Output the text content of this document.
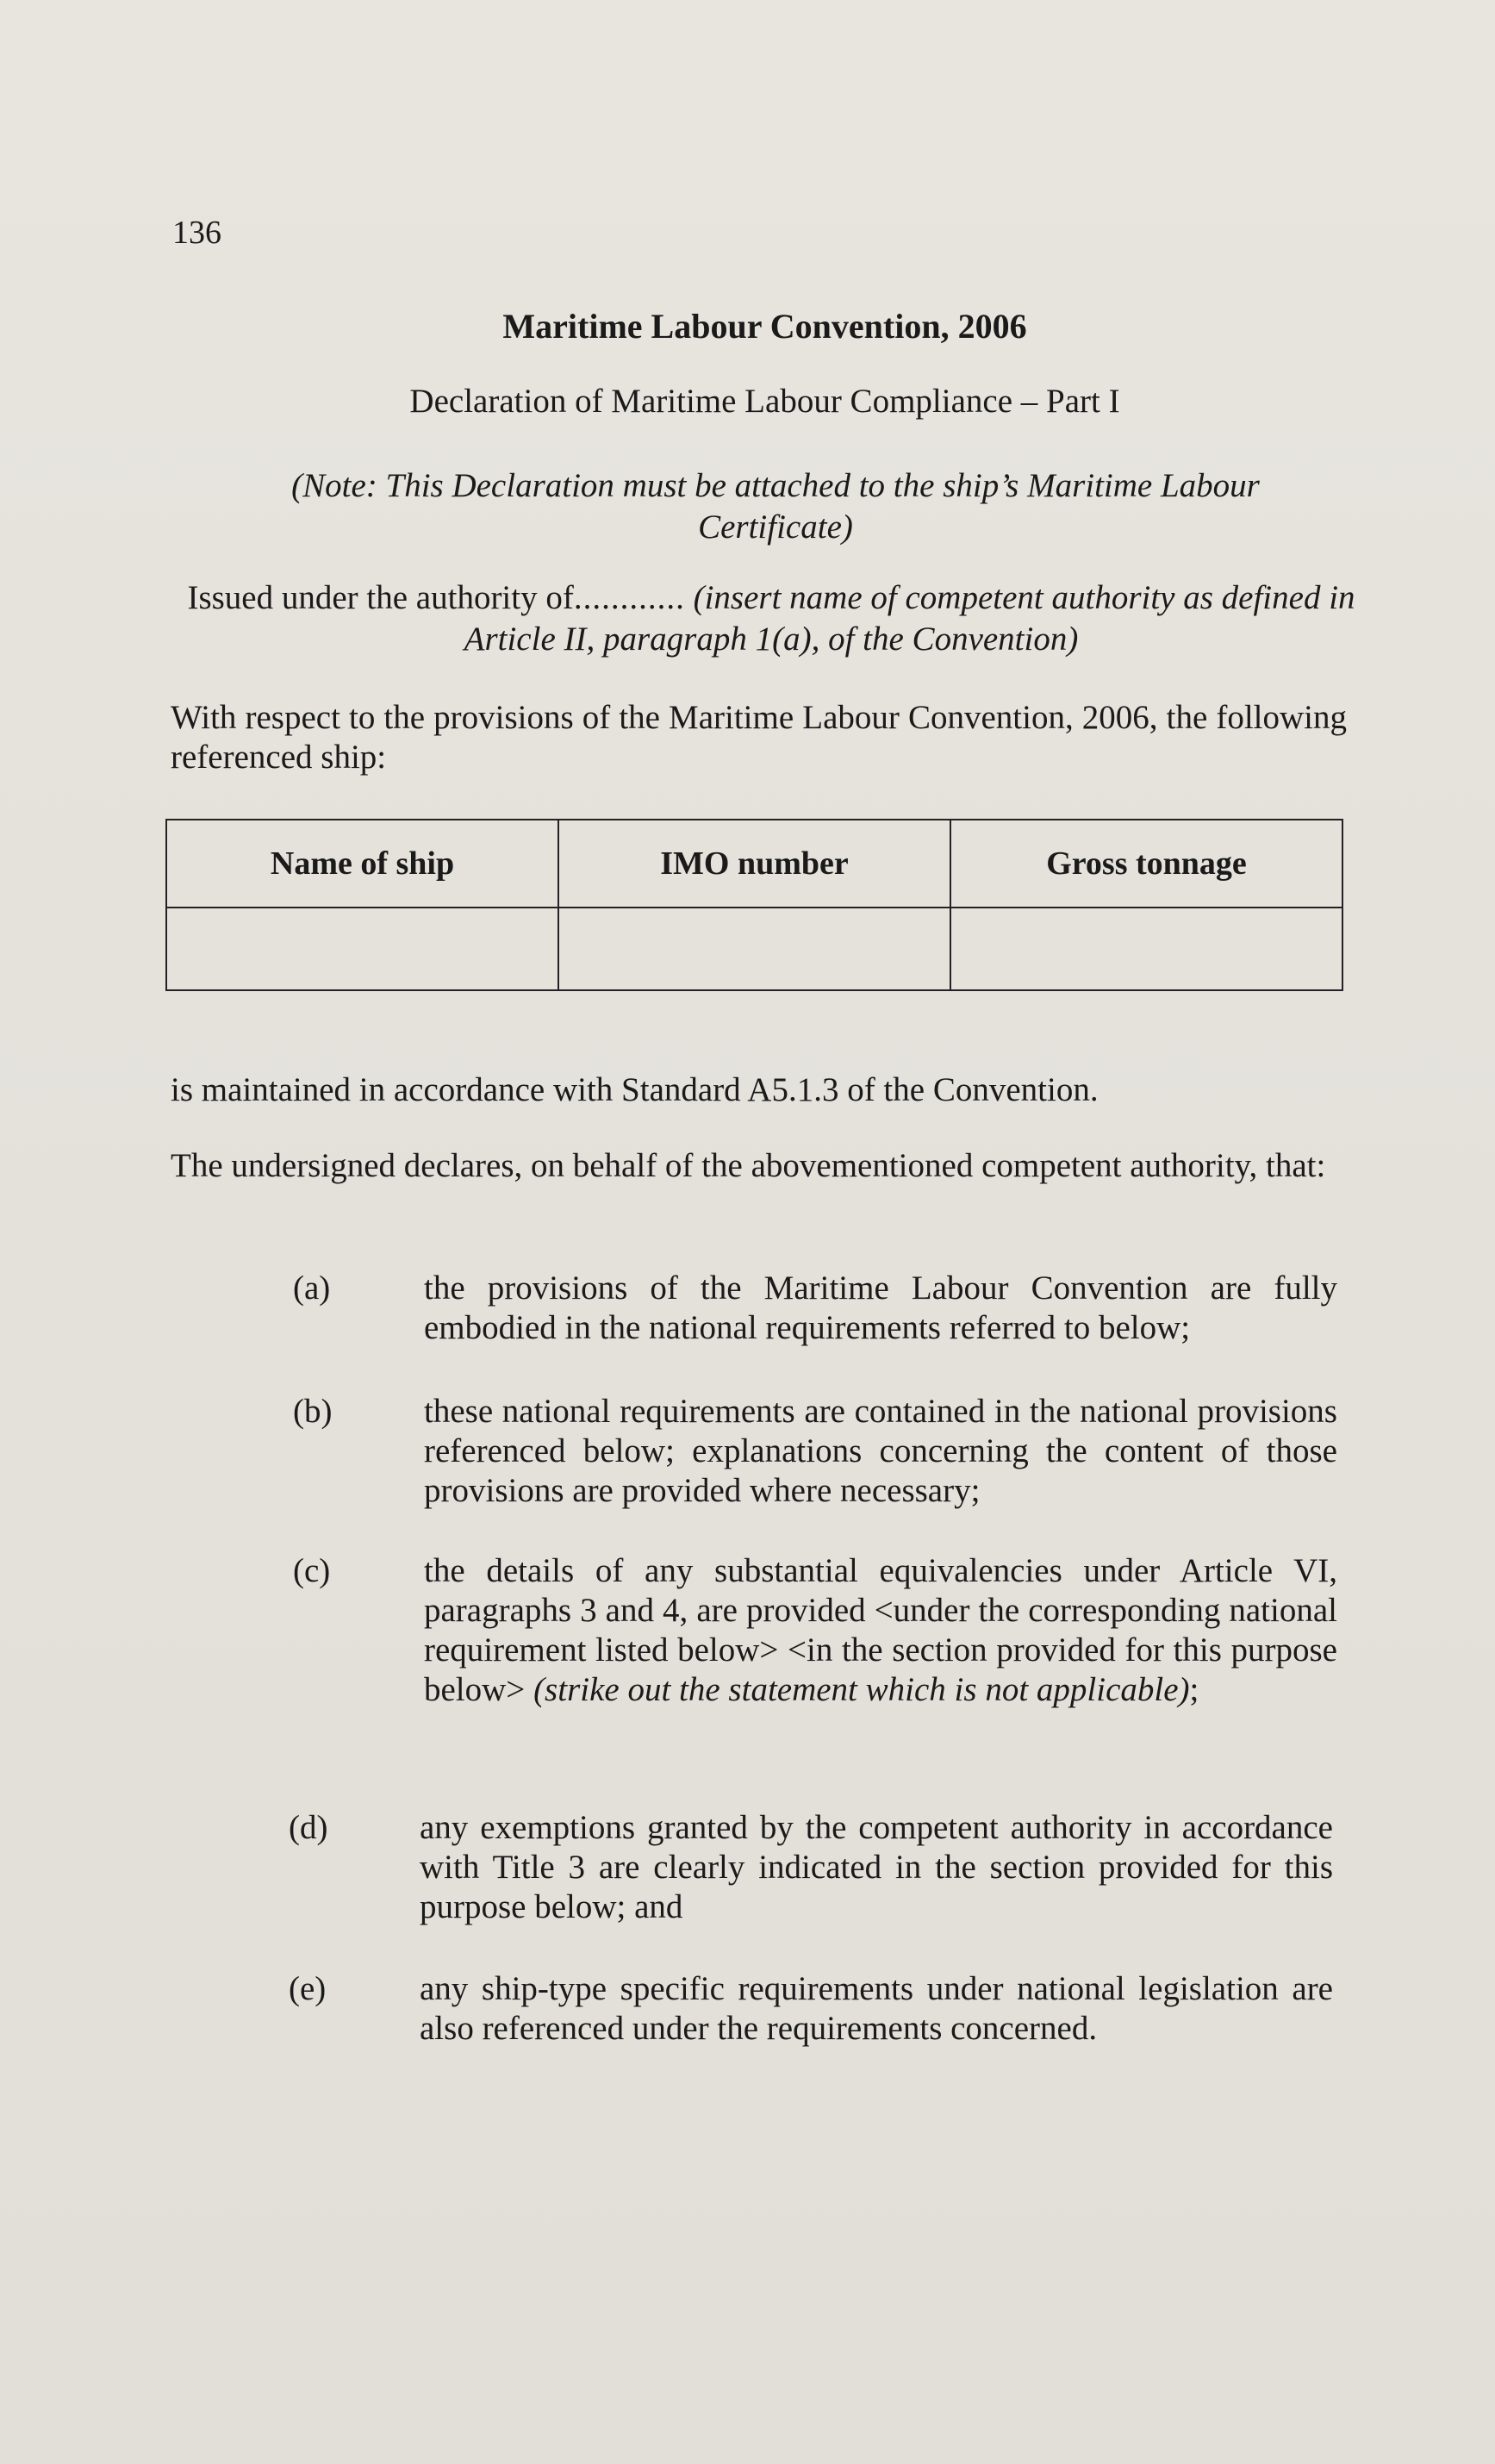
136
Maritime Labour Convention, 2006
Declaration of Maritime Labour Compliance – Part I
(Note: This Declaration must be attached to the ship’s Maritime Labour Certificate)
Issued under the authority of............ (insert name of competent authority as defined in Article II, paragraph 1(a), of the Convention)
With respect to the provisions of the Maritime Labour Convention, 2006, the following referenced ship:
Name of ship	IMO number	Gross tonnage

is maintained in accordance with Standard A5.1.3 of the Convention.
The undersigned declares, on behalf of the abovementioned competent authority, that:
(a)	the provisions of the Maritime Labour Convention are fully embodied in the national requirements referred to below;
(b)	these national requirements are contained in the national provisions referenced below; explanations concerning the content of those provisions are provided where necessary;
(c)	the details of any substantial equivalencies under Article VI, paragraphs 3 and 4, are provided <under the corresponding national requirement listed below> <in the section provided for this purpose below> (strike out the statement which is not applicable);
(d)	any exemptions granted by the competent authority in accordance with Title 3 are clearly indicated in the section provided for this purpose below; and
(e)	any ship-type specific requirements under national legislation are also referenced under the requirements concerned.
